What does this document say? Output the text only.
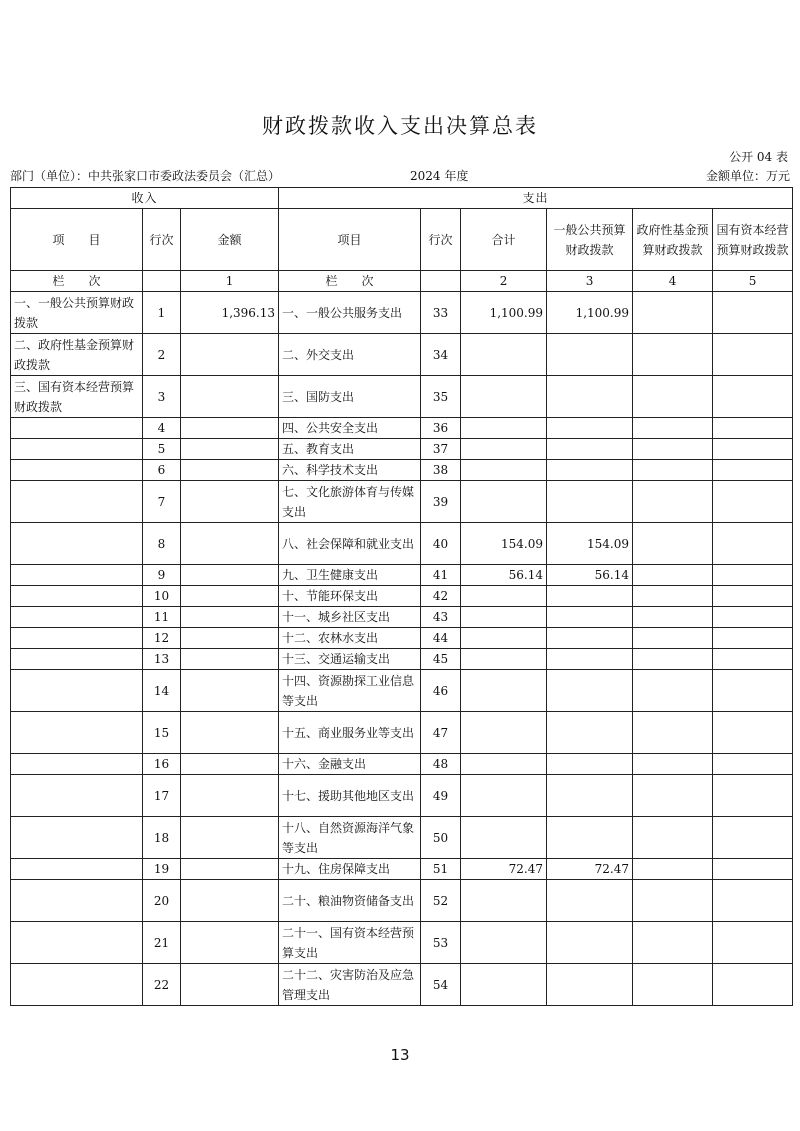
财政拨款收入支出决算总表
公开 04 表
部门（单位）：中共张家口市委政法委员会（汇总）	2024 年度	金额单位：万元
收入			支出					
项　　目	行次	金额	项目	行次	合计	一般公共预算财政拨款	政府性基金预算财政拨款	国有资本经营预算财政拨款
栏　　次		1	栏　　次		2	3	4	5
一、一般公共预算财政拨款	1	1,396.13	一、一般公共服务支出	33	1,100.99	1,100.99		
二、政府性基金预算财政拨款	2		二、外交支出	34				
三、国有资本经营预算财政拨款	3		三、国防支出	35				
	4		四、公共安全支出	36				
	5		五、教育支出	37				
	6		六、科学技术支出	38				
	7		七、文化旅游体育与传媒支出	39				
	8		八、社会保障和就业支出	40	154.09	154.09		
	9		九、卫生健康支出	41	56.14	56.14		
	10		十、节能环保支出	42				
	11		十一、城乡社区支出	43				
	12		十二、农林水支出	44				
	13		十三、交通运输支出	45				
	14		十四、资源勘探工业信息等支出	46				
	15		十五、商业服务业等支出	47				
	16		十六、金融支出	48				
	17		十七、援助其他地区支出	49				
	18		十八、自然资源海洋气象等支出	50				
	19		十九、住房保障支出	51	72.47	72.47		
	20		二十、粮油物资储备支出	52				
	21		二十一、国有资本经营预算支出	53				
	22		二十二、灾害防治及应急管理支出	54				
13
